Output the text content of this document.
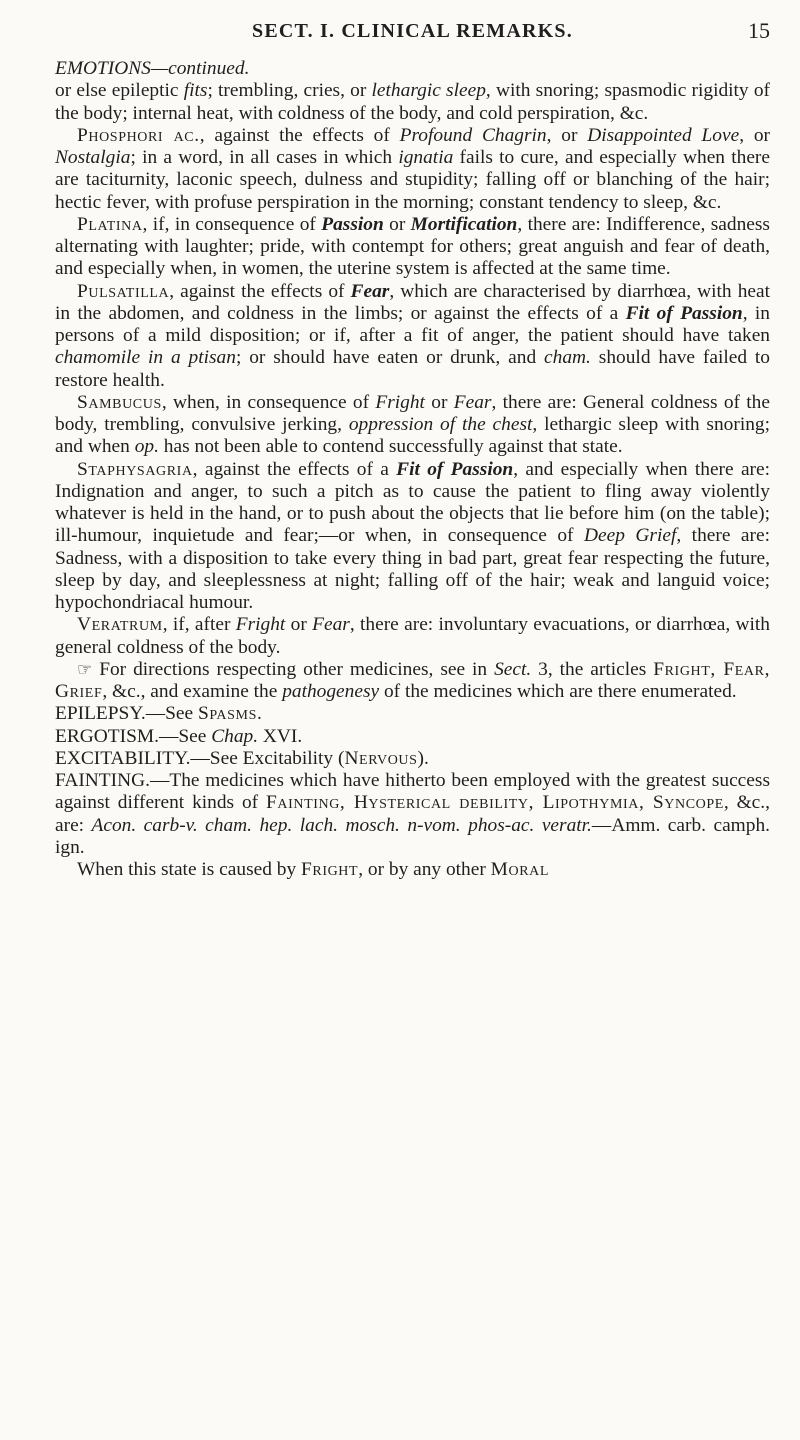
SECT. I. CLINICAL REMARKS.	15

EMOTIONS—continued.

or else epileptic fits; trembling, cries, or lethargic sleep, with snoring; spasmodic rigidity of the body; internal heat, with coldness of the body, and cold perspiration, &c.

Phosphori ac., against the effects of Profound Chagrin, or Disappointed Love, or Nostalgia; in a word, in all cases in which ignatia fails to cure, and especially when there are taciturnity, laconic speech, dulness and stupidity; falling off or blanching of the hair; hectic fever, with profuse perspiration in the morning; constant tendency to sleep, &c.

Platina, if, in consequence of Passion or Mortification, there are: Indifference, sadness alternating with laughter; pride, with contempt for others; great anguish and fear of death, and especially when, in women, the uterine system is affected at the same time.

Pulsatilla, against the effects of Fear, which are characterised by diarrhœa, with heat in the abdomen, and coldness in the limbs; or against the effects of a Fit of Passion, in persons of a mild disposition; or if, after a fit of anger, the patient should have taken chamomile in a ptisan; or should have eaten or drunk, and cham. should have failed to restore health.

Sambucus, when, in consequence of Fright or Fear, there are: General coldness of the body, trembling, convulsive jerking, oppression of the chest, lethargic sleep with snoring; and when op. has not been able to contend successfully against that state.

Staphysagria, against the effects of a Fit of Passion, and especially when there are: Indignation and anger, to such a pitch as to cause the patient to fling away violently whatever is held in the hand, or to push about the objects that lie before him (on the table); ill-humour, inquietude and fear;—or when, in consequence of Deep Grief, there are: Sadness, with a disposition to take every thing in bad part, great fear respecting the future, sleep by day, and sleeplessness at night; falling off of the hair; weak and languid voice; hypochondriacal humour.

Veratrum, if, after Fright or Fear, there are: involuntary evacuations, or diarrhœa, with general coldness of the body.

☞ For directions respecting other medicines, see in Sect. 3, the articles Fright, Fear, Grief, &c., and examine the pathogenesy of the medicines which are there enumerated.

EPILEPSY.—See Spasms.

ERGOTISM.—See Chap. XVI.

EXCITABILITY.—See Excitability (Nervous).

FAINTING.—The medicines which have hitherto been employed with the greatest success against different kinds of Fainting, Hysterical debility, Lipothymia, Syncope, &c., are: Acon. carb-v. cham. hep. lach. mosch. n-vom. phos-ac. veratr.—Amm. carb. camph. ign.

When this state is caused by Fright, or by any other Moral
